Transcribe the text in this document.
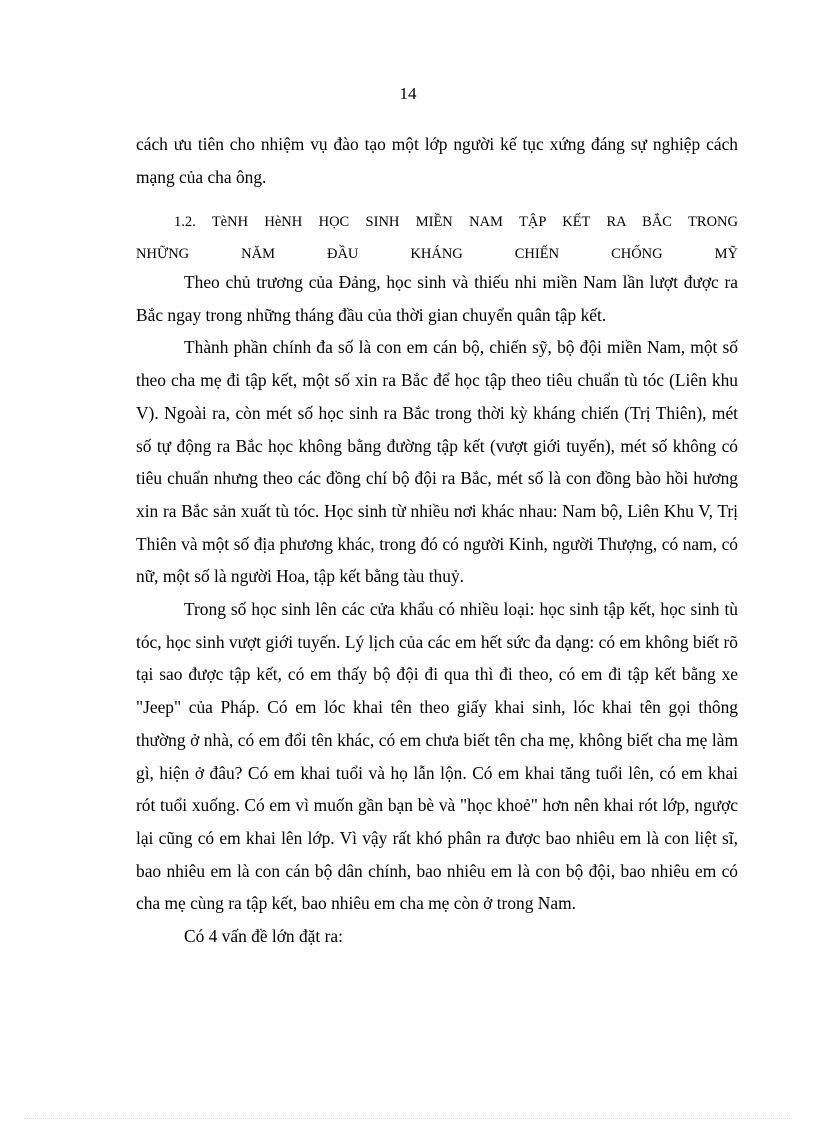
14

cách ưu tiên cho nhiệm vụ đào tạo một lớp người kế tục xứng đáng sự nghiệp cách mạng của cha ông.

1.2. TèNH HèNH HỌC SINH MIỀN NAM TẬP KẾT RA BẮC TRONG
NHỮNG NĂM ĐẦU KHÁNG CHIẾN CHỐNG MỸ

Theo chủ trương của Đảng, học sinh và thiếu nhi miền Nam lần lượt được ra Bắc ngay trong những tháng đầu của thời gian chuyển quân tập kết.

Thành phần chính đa số là con em cán bộ, chiến sỹ, bộ đội miền Nam, một số theo cha mẹ đi tập kết, một số xin ra Bắc để học tập theo tiêu chuẩn tù tóc (Liên khu V). Ngoài ra, còn mét số học sinh ra Bắc trong thời kỳ kháng chiến (Trị Thiên), mét số tự động ra Bắc học không bằng đường tập kết (vượt giới tuyến), mét số không có tiêu chuẩn nhưng theo các đồng chí bộ đội ra Bắc, mét số là con đồng bào hồi hương xin ra Bắc sản xuất tù tóc. Học sinh từ nhiều nơi khác nhau: Nam bộ, Liên Khu V, Trị Thiên và một số địa phương khác, trong đó có người Kinh, người Thượng, có nam, có nữ, một số là người Hoa, tập kết bằng tàu thuỷ.

Trong số học sinh lên các cửa khẩu có nhiều loại: học sinh tập kết, học sinh tù tóc, học sinh vượt giới tuyến. Lý lịch của các em hết sức đa dạng: có em không biết rõ tại sao được tập kết, có em thấy bộ đội đi qua thì đi theo, có em đi tập kết bằng xe "Jeep" của Pháp. Có em lóc khai tên theo giấy khai sinh, lóc khai tên gọi thông thường ở nhà, có em đổi tên khác, có em chưa biết tên cha mẹ, không biết cha mẹ làm gì, hiện ở đâu? Có em khai tuổi và họ lẫn lộn. Có em khai tăng tuổi lên, có em khai rót tuổi xuống. Có em vì muốn gần bạn bè và "học khoẻ" hơn nên khai rót lớp, ngược lại cũng có em khai lên lớp. Vì vậy rất khó phân ra được bao nhiêu em là con liệt sĩ, bao nhiêu em là con cán bộ dân chính, bao nhiêu em là con bộ đội, bao nhiêu em có cha mẹ cùng ra tập kết, bao nhiêu em cha mẹ còn ở trong Nam.

Có 4 vấn đề lớn đặt ra:
